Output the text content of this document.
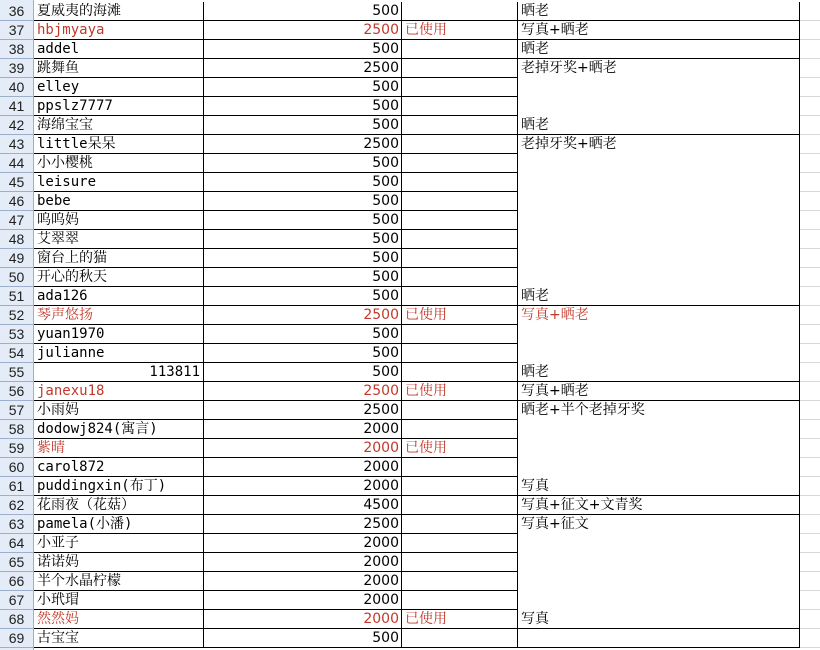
36 夏威夷的海滩	500	晒老
37 hbjmyaya	2500 已使用	写真+晒老
38 addel	500	晒老
39 跳舞鱼	2500	老掉牙奖+晒老
40 elley	500
41 ppslz7777	500
42 海绵宝宝	500	晒老
43 little呆呆	2500	老掉牙奖+晒老
44 小小樱桃	500
45 leisure	500
46 bebe	500
47 呜呜妈	500
48 艾翠翠	500
49 窗台上的猫	500
50 开心的秋天	500
51 ada126	500	晒老
52 琴声悠扬	2500 已使用	写真+晒老
53 yuan1970	500
54 julianne	500
55	113811	500	晒老
56 janexu18	2500 已使用	写真+晒老
57 小雨妈	2500	晒老+半个老掉牙奖
58 dodowj824(寓言)	2000
59 紫晴	2000 已使用
60 carol872	2000
61 puddingxin(布丁)	2000	写真
62 花雨夜（花菇）	4500	写真+征文+文青奖
63 pamela(小潘)	2500	写真+征文
64 小亚子	2000
65 诺诺妈	2000
66 半个水晶柠檬	2000
67 小玳瑁	2000
68 然然妈	2000 已使用	写真
69 古宝宝	500
